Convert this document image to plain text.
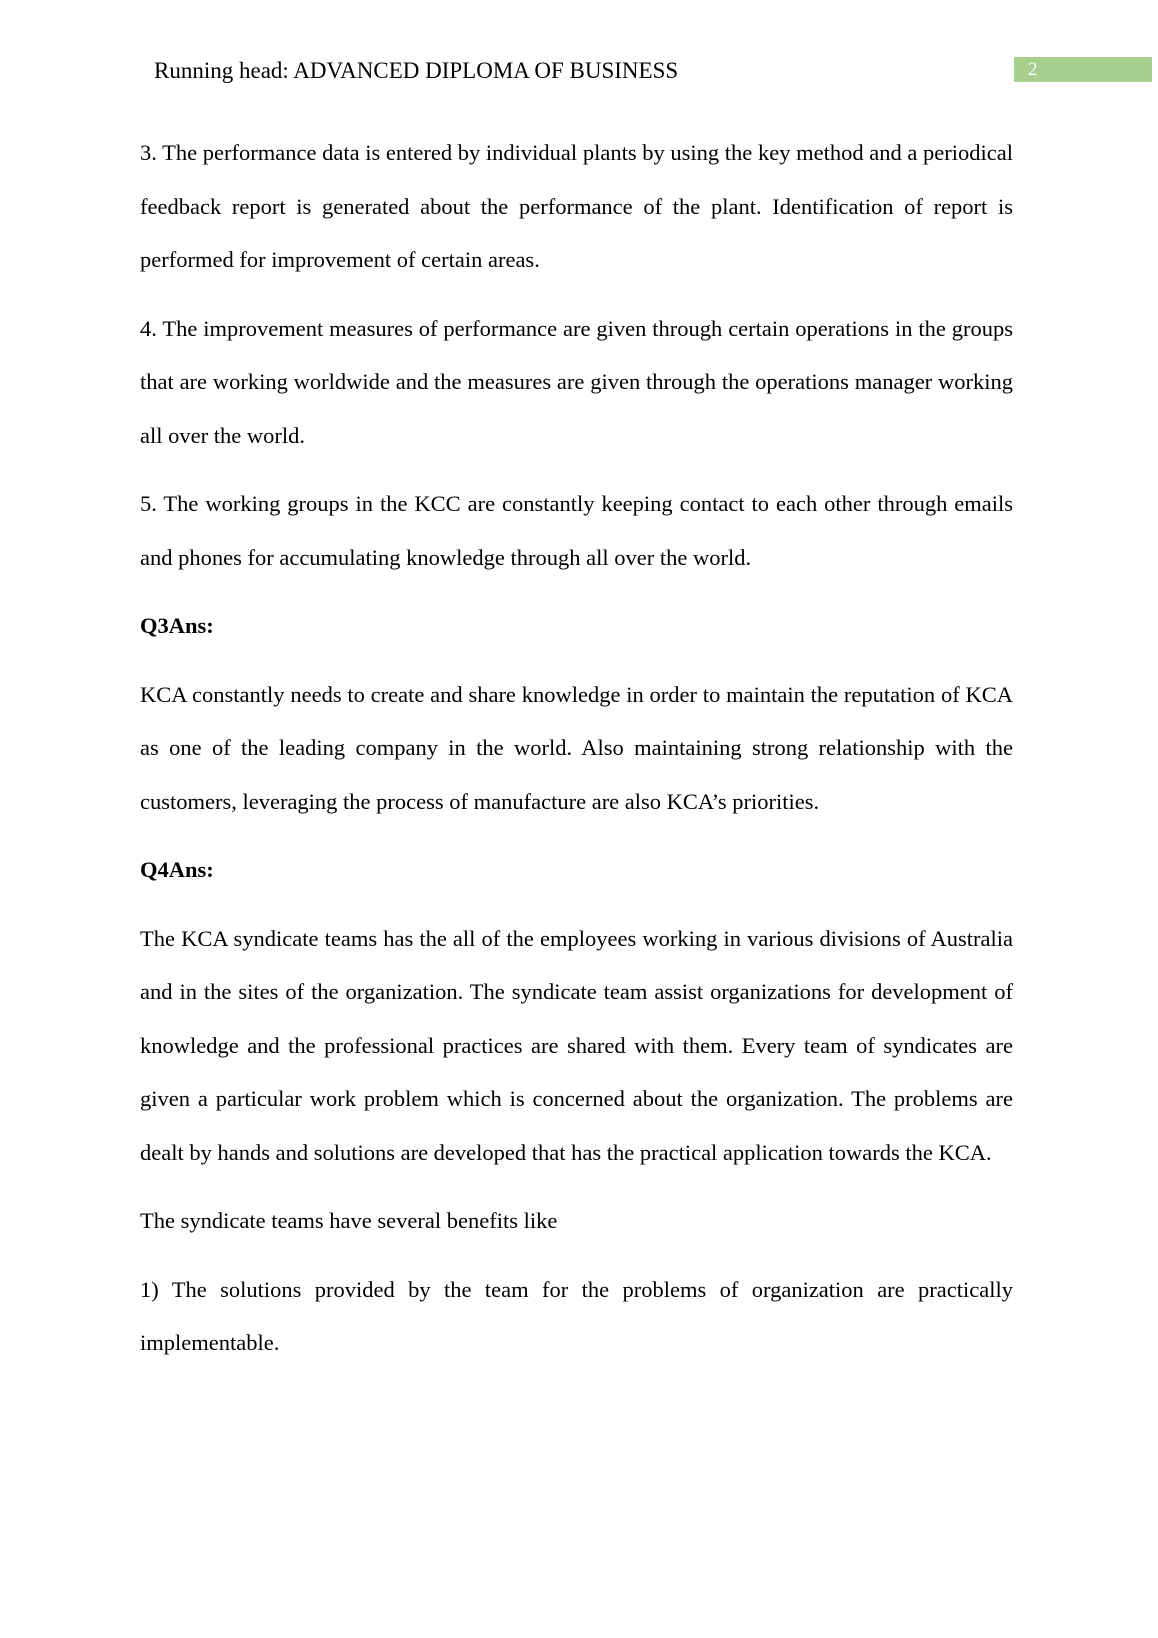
Running head: ADVANCED DIPLOMA OF BUSINESS	2

3. The performance data is entered by individual plants by using the key method and a periodical feedback report is generated about the performance of the plant. Identification of report is performed for improvement of certain areas.

4. The improvement measures of performance are given through certain operations in the groups that are working worldwide and the measures are given through the operations manager working all over the world.

5. The working groups in the KCC are constantly keeping contact to each other through emails and phones for accumulating knowledge through all over the world.

Q3Ans:

KCA constantly needs to create and share knowledge in order to maintain the reputation of KCA as one of the leading company in the world. Also maintaining strong relationship with the customers, leveraging the process of manufacture are also KCA’s priorities.

Q4Ans:

The KCA syndicate teams has the all of the employees working in various divisions of Australia and in the sites of the organization. The syndicate team assist organizations for development of knowledge and the professional practices are shared with them. Every team of syndicates are given a particular work problem which is concerned about the organization. The problems are dealt by hands and solutions are developed that has the practical application towards the KCA.

The syndicate teams have several benefits like

1) The solutions provided by the team for the problems of organization are practically implementable.
